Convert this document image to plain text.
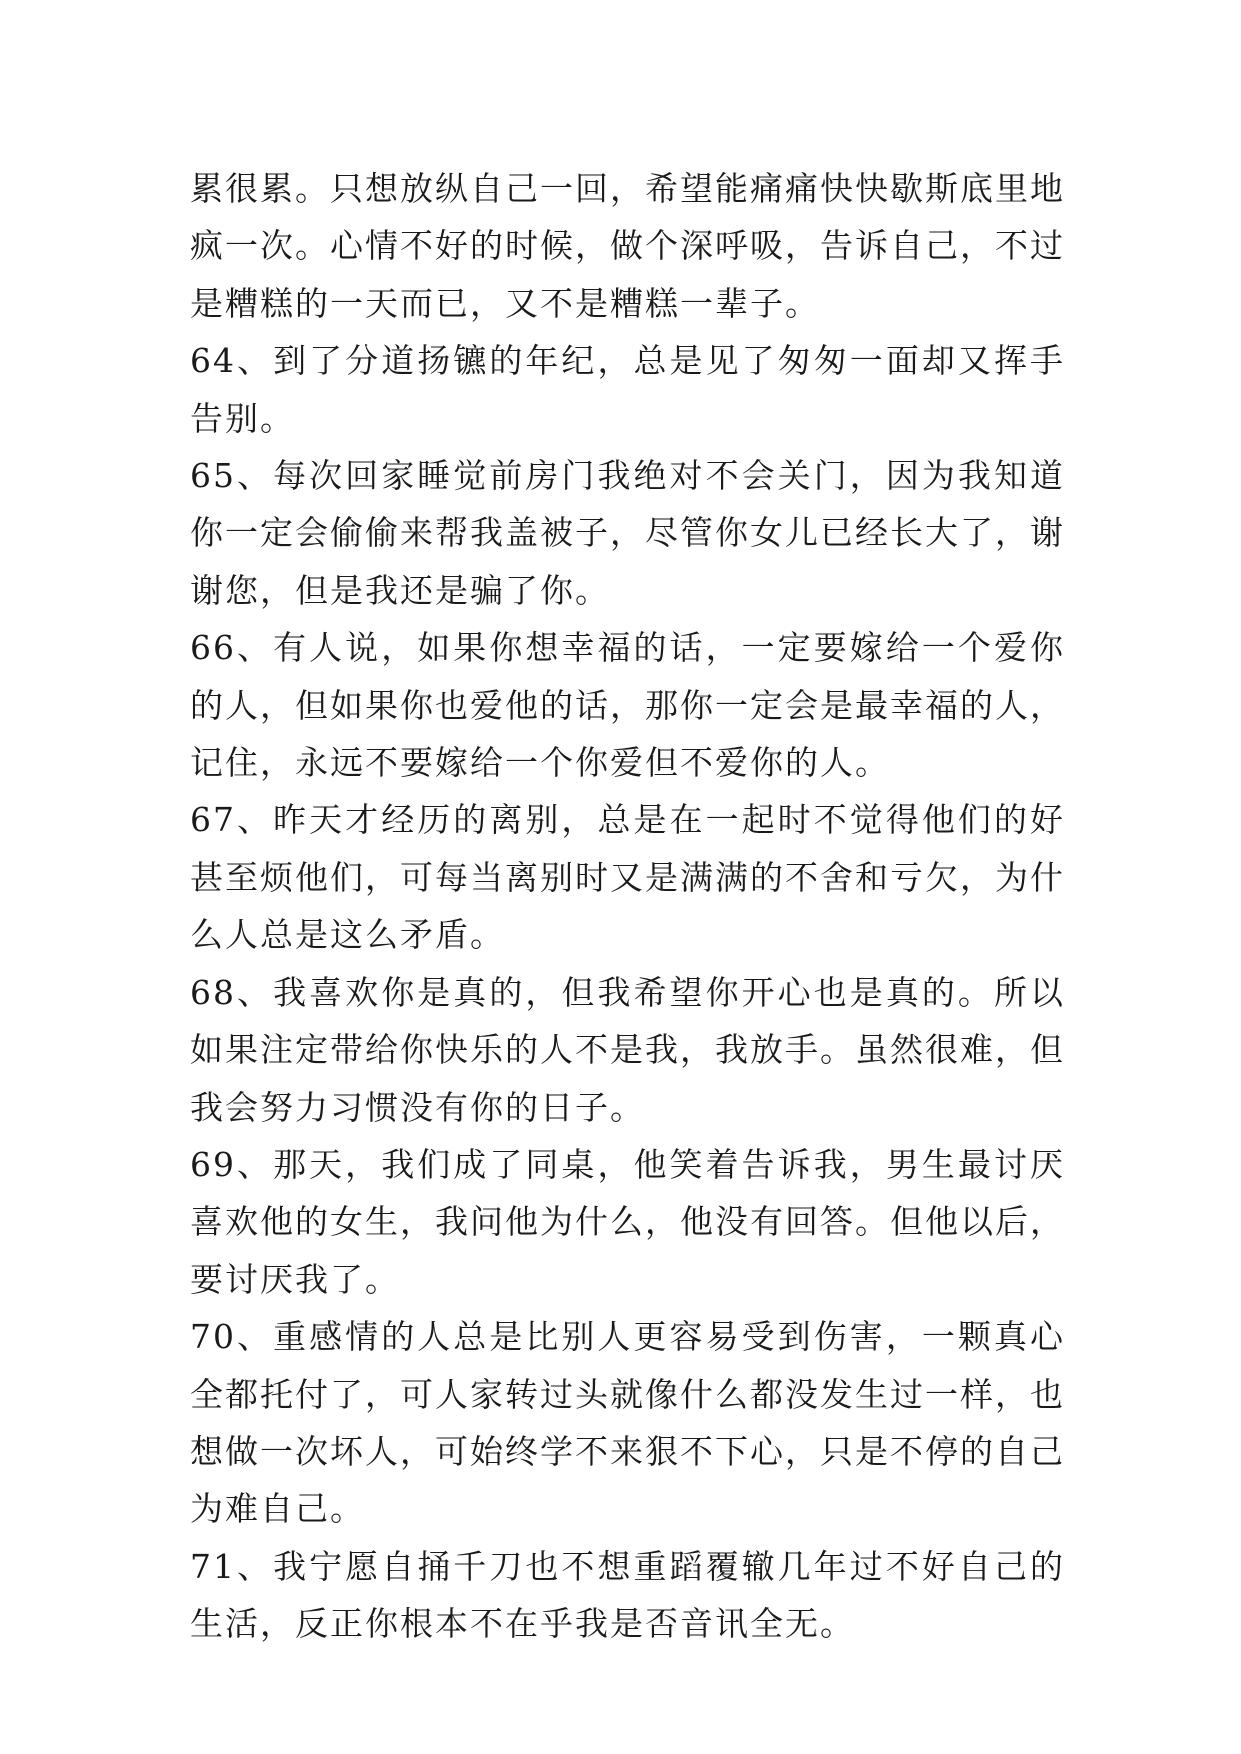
累很累。只想放纵自己一回，希望能痛痛快快歇斯底里地疯一次。心情不好的时候，做个深呼吸，告诉自己，不过是糟糕的一天而已，又不是糟糕一辈子。

64、到了分道扬镳的年纪，总是见了匆匆一面却又挥手告别。

65、每次回家睡觉前房门我绝对不会关门，因为我知道你一定会偷偷来帮我盖被子，尽管你女儿已经长大了，谢谢您，但是我还是骗了你。

66、有人说，如果你想幸福的话，一定要嫁给一个爱你的人，但如果你也爱他的话，那你一定会是最幸福的人，记住，永远不要嫁给一个你爱但不爱你的人。

67、昨天才经历的离别，总是在一起时不觉得他们的好甚至烦他们，可每当离别时又是满满的不舍和亏欠，为什么人总是这么矛盾。

68、我喜欢你是真的，但我希望你开心也是真的。所以如果注定带给你快乐的人不是我，我放手。虽然很难，但我会努力习惯没有你的日子。

69、那天，我们成了同桌，他笑着告诉我，男生最讨厌喜欢他的女生，我问他为什么，他没有回答。但他以后，要讨厌我了。

70、重感情的人总是比别人更容易受到伤害，一颗真心全都托付了，可人家转过头就像什么都没发生过一样，也想做一次坏人，可始终学不来狠不下心，只是不停的自己为难自己。

71、我宁愿自捅千刀也不想重蹈覆辙几年过不好自己的生活，反正你根本不在乎我是否音讯全无。
